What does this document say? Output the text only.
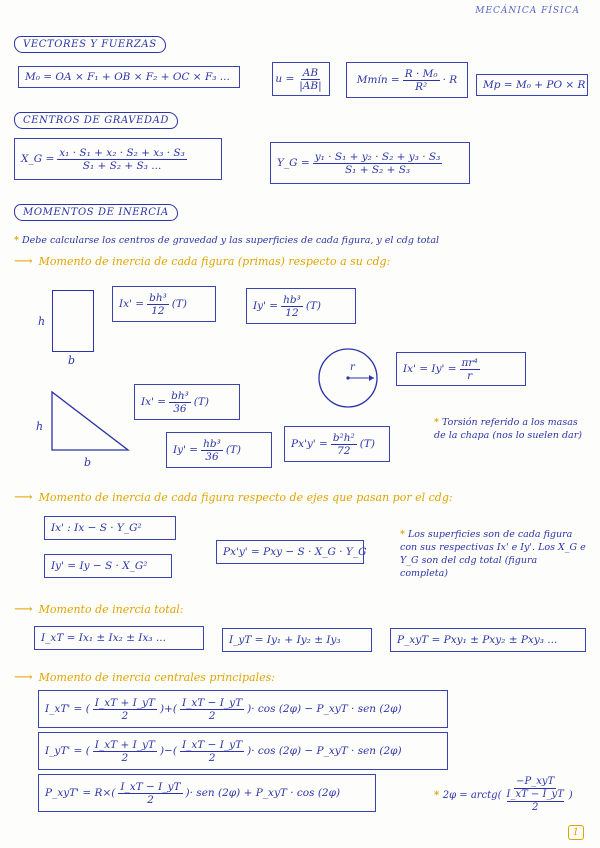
MECÁNICA FÍSICA
VECTORES Y FUERZAS
M₀ = OA × F₁ + OB × F₂ + OC × F₃ ...	$u = \frac{AB}{|AB|}$	Mmín = $\frac{\text{R · M₀}}{\text{R²}} \cdot R$ Mp = M₀ + PO × R
CENTROS DE GRAVEDAD
X_G = $\frac{\text{x₁ · S₁ + x₂ · S₂ + x₃ · S₃}}{\text{S₁ + S₂ + S₃ ...}}$	Y_G = $\frac{\text{y₁ · S₁ + y₂ · S₂ + y₃ · S₃}}{\text{S₁ + S₂ + S₃}}$
MOMENTOS DE INERCIA
* Debe calcularse los centros de gravedad y las superficies de cada figura, y el cdg total
⟶ Momento de inercia de cada figura (primas) respecto a su cdg:
h
b
$Ix' = \frac{\text{bh³}}{12} (T)$	$Iy' = \frac{\text{hb³}}{12} (T)$
r	$Ix' = Iy' = \frac{\text{πr⁴}}{r}$
h
b
$Ix' = \frac{\text{bh³}}{36} (T)$
$Iy' = \frac{\text{hb³}}{36} (T)$	$Px'y' = \frac{\text{b²h²}}{72} (T)$
* Torsión referido a los masas de la chapa (nos lo suelen dar)
⟶ Momento de inercia de cada figura respecto de ejes que pasan por el cdg:
Ix' : Ix − S · Y_G²
Iy' = Iy − S · X_G²
Px'y' = Pxy − S · X_G · Y_G
* Los superficies son de cada figura con sus respectivas Ix' e Iy'. Los X_G e Y_G son del cdg total (figura completa)
⟶ Momento de inercia total:
I_xT = Ix₁ ± Ix₂ ± Ix₃ ...	I_yT = Iy₁ + Iy₂ ± Iy₃	P_xyT = Pxy₁ ± Pxy₂ ± Pxy₃ ...
⟶ Momento de inercia centrales principales:
I_xT' = ( $\frac{I\_xT + I\_yT}{2}$ ) + ( $\frac{I\_xT - I\_yT}{2}$ ) · cos (2φ) − P_xyT · sen (2φ)
I_yT' = ( $\frac{I\_xT + I\_yT}{2}$ ) − ( $\frac{I\_xT - I\_yT}{2}$ ) · cos (2φ) − P_xyT · sen (2φ)
P_xyT' =
R× ( $\frac{I\_xT - I\_yT}{2}$ ) · sen (2φ) + P_xyT · cos (2φ)	* 2φ = arctg ( $\frac{\text{−P\_xyT}}{\frac{I\_xT - I\_yT}{2}}$ )
1
